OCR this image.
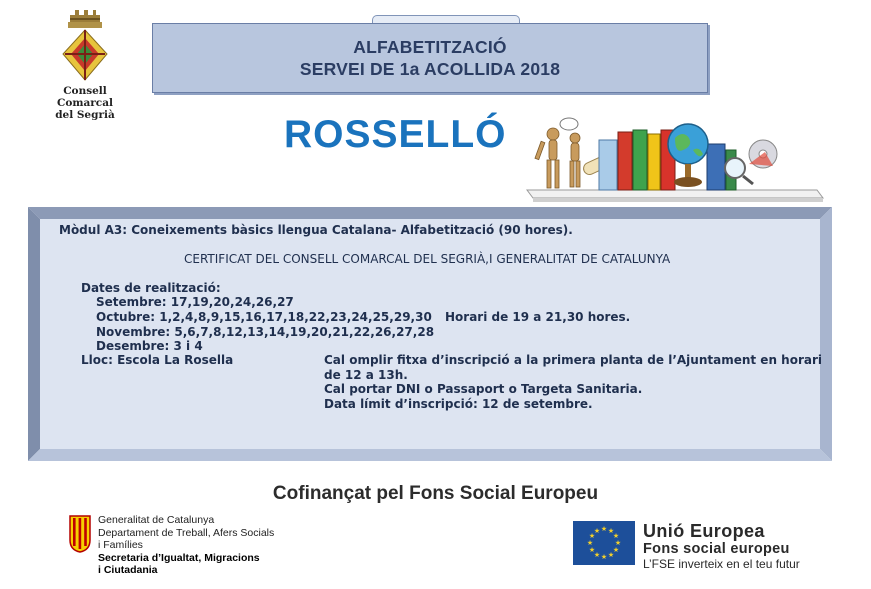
Consell Comarcal
del Segrià
ALFABETITZACIÓ
SERVEI DE 1a ACOLLIDA 2018
ROSSELLÓ
Mòdul A3: Coneixements bàsics llengua Catalana- Alfabetització (90 hores).
CERTIFICAT DEL CONSELL COMARCAL DEL SEGRIÀ,I GENERALITAT DE CATALUNYA
Dates de realització:
Setembre: 17,19,20,24,26,27
Octubre: 1,2,4,8,9,15,16,17,18,22,23,24,25,29,30 Horari de 19 a 21,30 hores.
Novembre: 5,6,7,8,12,13,14,19,20,21,22,26,27,28
Desembre: 3 i 4
Lloc: Escola La Rosella	Cal omplir fitxa d’inscripció a la primera planta de l’Ajuntament en horari
de 12 a 13h.
Cal portar DNI o Passaport o Targeta Sanitaria.
Data límit d’inscripció: 12 de setembre.
Cofinançat pel Fons Social Europeu
Generalitat de Catalunya
Departament de Treball, Afers Socials
i Famílies
Secretaria d’Igualtat, Migracions
i Ciutadania
★ ★
★
★
★
★
★
★
★
★
★
★ Unió Europea
Fons social europeu
L’FSE inverteix en el teu futur
